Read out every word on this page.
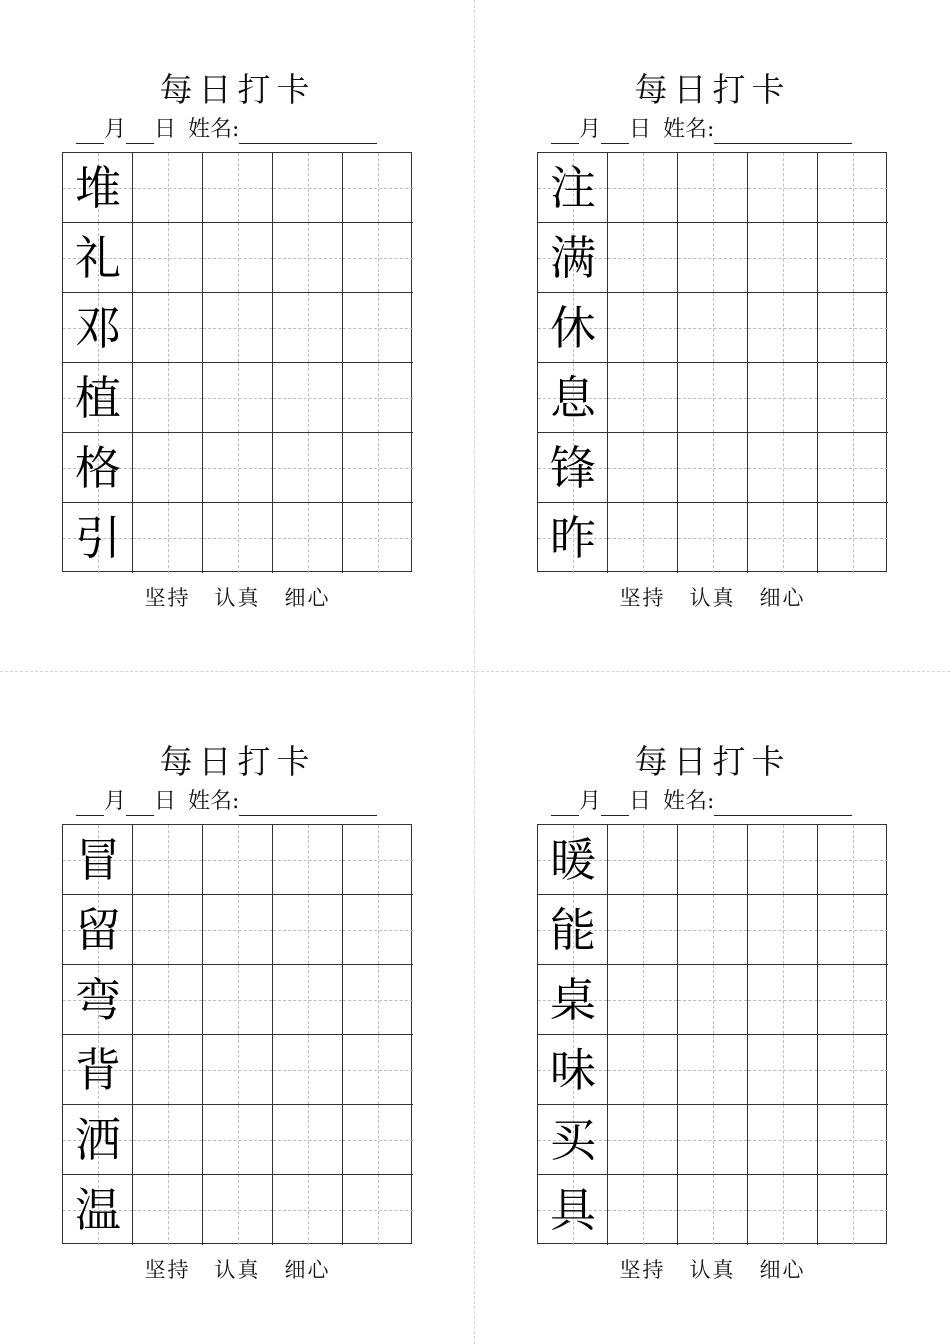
每日打卡
月 日 姓名:
堆
礼
邓
植
格
引
坚持 认真 细心
每日打卡
月 日 姓名:
注
满
休
息
锋
昨
坚持 认真 细心
每日打卡
月 日 姓名:
冒
留
弯
背
洒
温
坚持 认真 细心
每日打卡
月 日 姓名:
暖
能
桌
味
买
具
坚持 认真 细心
